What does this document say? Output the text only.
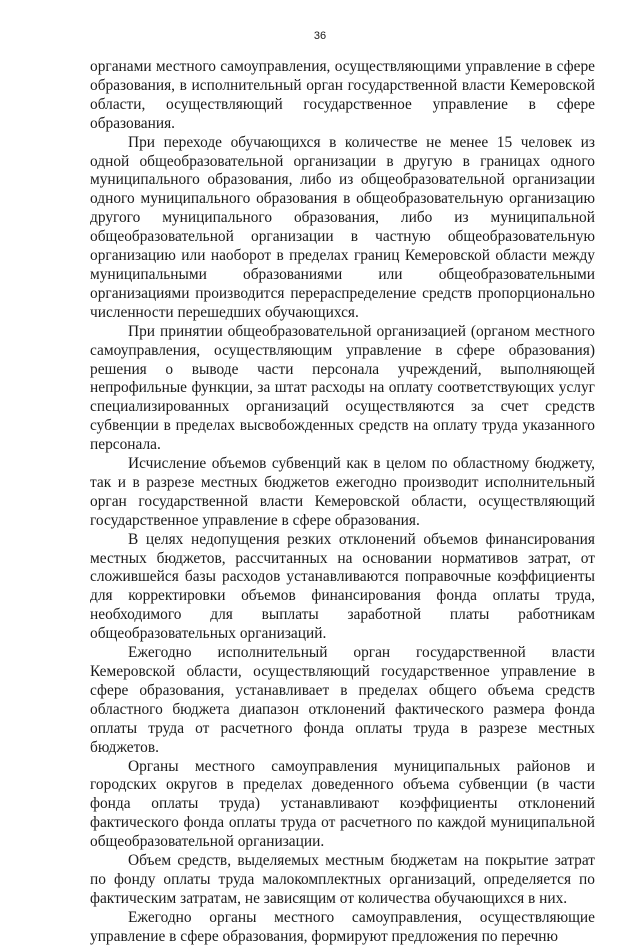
36

органами местного самоуправления, осуществляющими управление в сфере образования, в исполнительный орган государственной власти Кемеровской области, осуществляющий государственное управление в сфере образования.

При переходе обучающихся в количестве не менее 15 человек из одной общеобразовательной организации в другую в границах одного муниципального образования, либо из общеобразовательной организации одного муниципального образования в общеобразовательную организацию другого муниципального образования, либо из муниципальной общеобразовательной организации в частную общеобразовательную организацию или наоборот в пределах границ Кемеровской области между муниципальными образованиями или общеобразовательными организациями производится перераспределение средств пропорционально численности перешедших обучающихся.

При принятии общеобразовательной организацией (органом местного самоуправления, осуществляющим управление в сфере образования) решения о выводе части персонала учреждений, выполняющей непрофильные функции, за штат расходы на оплату соответствующих услуг специализированных организаций осуществляются за счет средств субвенции в пределах высвобожденных средств на оплату труда указанного персонала.

Исчисление объемов субвенций как в целом по областному бюджету, так и в разрезе местных бюджетов ежегодно производит исполнительный орган государственной власти Кемеровской области, осуществляющий государственное управление в сфере образования.

В целях недопущения резких отклонений объемов финансирования местных бюджетов, рассчитанных на основании нормативов затрат, от сложившейся базы расходов устанавливаются поправочные коэффициенты для корректировки объемов финансирования фонда оплаты труда, необходимого для выплаты заработной платы работникам общеобразовательных организаций.

Ежегодно исполнительный орган государственной власти Кемеровской области, осуществляющий государственное управление в сфере образования, устанавливает в пределах общего объема средств областного бюджета диапазон отклонений фактического размера фонда оплаты труда от расчетного фонда оплаты труда в разрезе местных бюджетов.

Органы местного самоуправления муниципальных районов и городских округов в пределах доведенного объема субвенции (в части фонда оплаты труда) устанавливают коэффициенты отклонений фактического фонда оплаты труда от расчетного по каждой муниципальной общеобразовательной организации.

Объем средств, выделяемых местным бюджетам на покрытие затрат по фонду оплаты труда малокомплектных организаций, определяется по фактическим затратам, не зависящим от количества обучающихся в них.

Ежегодно органы местного самоуправления, осуществляющие управление в сфере образования, формируют предложения по перечню
